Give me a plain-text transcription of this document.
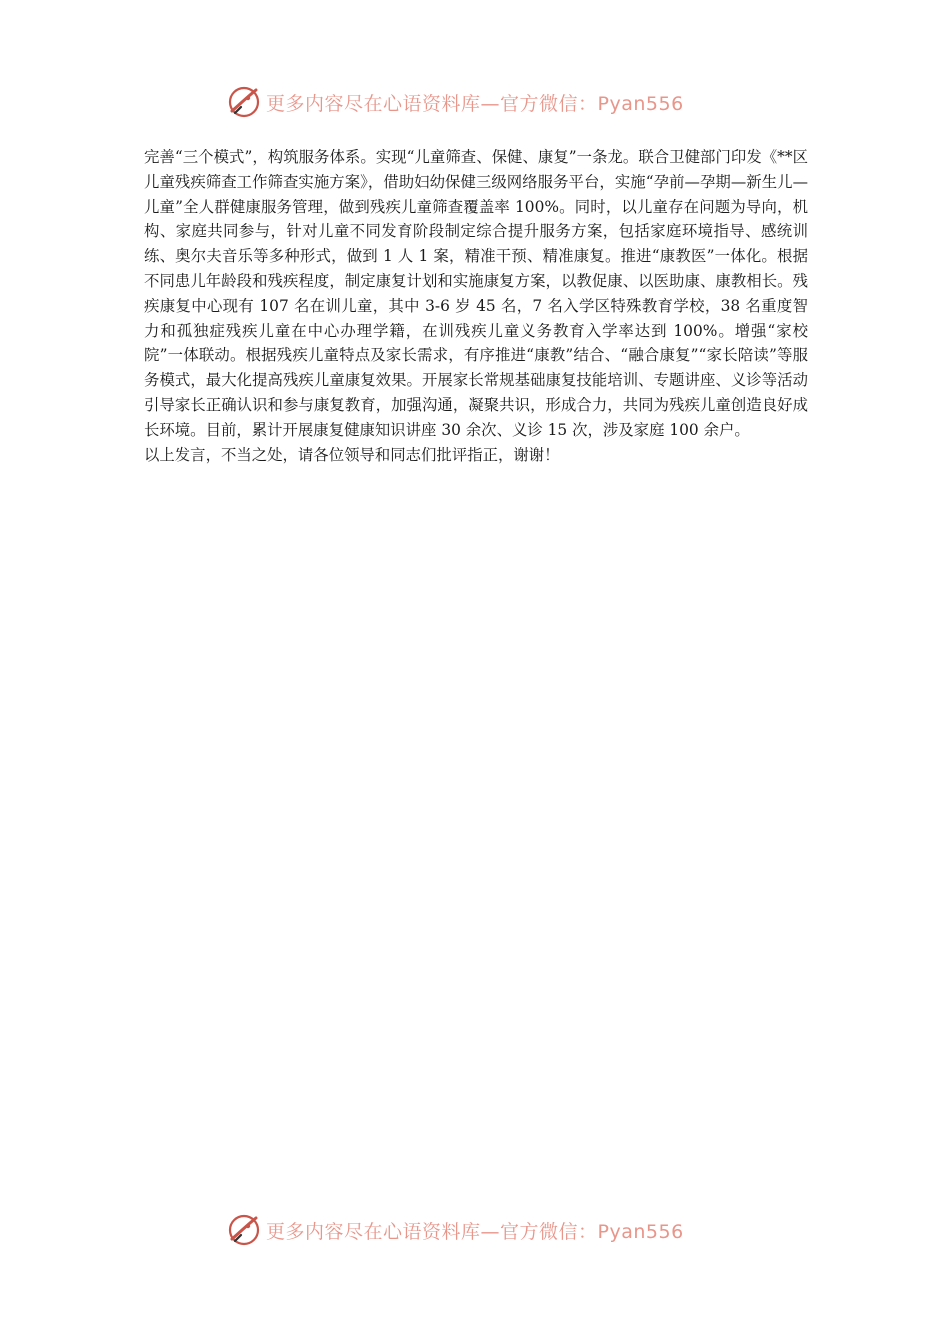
更多内容尽在心语资料库—官方微信：Pyan556

完善“三个模式”，构筑服务体系。实现“儿童筛查、保健、康复”一条龙。联合卫健部门印发《**区儿童残疾筛查工作筛查实施方案》，借助妇幼保健三级网络服务平台，实施“孕前—孕期—新生儿—儿童”全人群健康服务管理，做到残疾儿童筛查覆盖率 100%。同时，以儿童存在问题为导向，机构、家庭共同参与，针对儿童不同发育阶段制定综合提升服务方案，包括家庭环境指导、感统训练、奥尔夫音乐等多种形式，做到 1 人 1 案，精准干预、精准康复。推进“康教医”一体化。根据不同患儿年龄段和残疾程度，制定康复计划和实施康复方案，以教促康、以医助康、康教相长。残疾康复中心现有 107 名在训儿童，其中 3-6 岁 45 名，7 名入学区特殊教育学校，38 名重度智力和孤独症残疾儿童在中心办理学籍，在训残疾儿童义务教育入学率达到 100%。增强“家校院”一体联动。根据残疾儿童特点及家长需求，有序推进“康教”结合、“融合康复”“家长陪读”等服务模式，最大化提高残疾儿童康复效果。开展家长常规基础康复技能培训、专题讲座、义诊等活动引导家长正确认识和参与康复教育，加强沟通，凝聚共识，形成合力，共同为残疾儿童创造良好成长环境。目前，累计开展康复健康知识讲座 30 余次、义诊 15 次，涉及家庭 100 余户。

以上发言，不当之处，请各位领导和同志们批评指正，谢谢！

更多内容尽在心语资料库—官方微信：Pyan556
